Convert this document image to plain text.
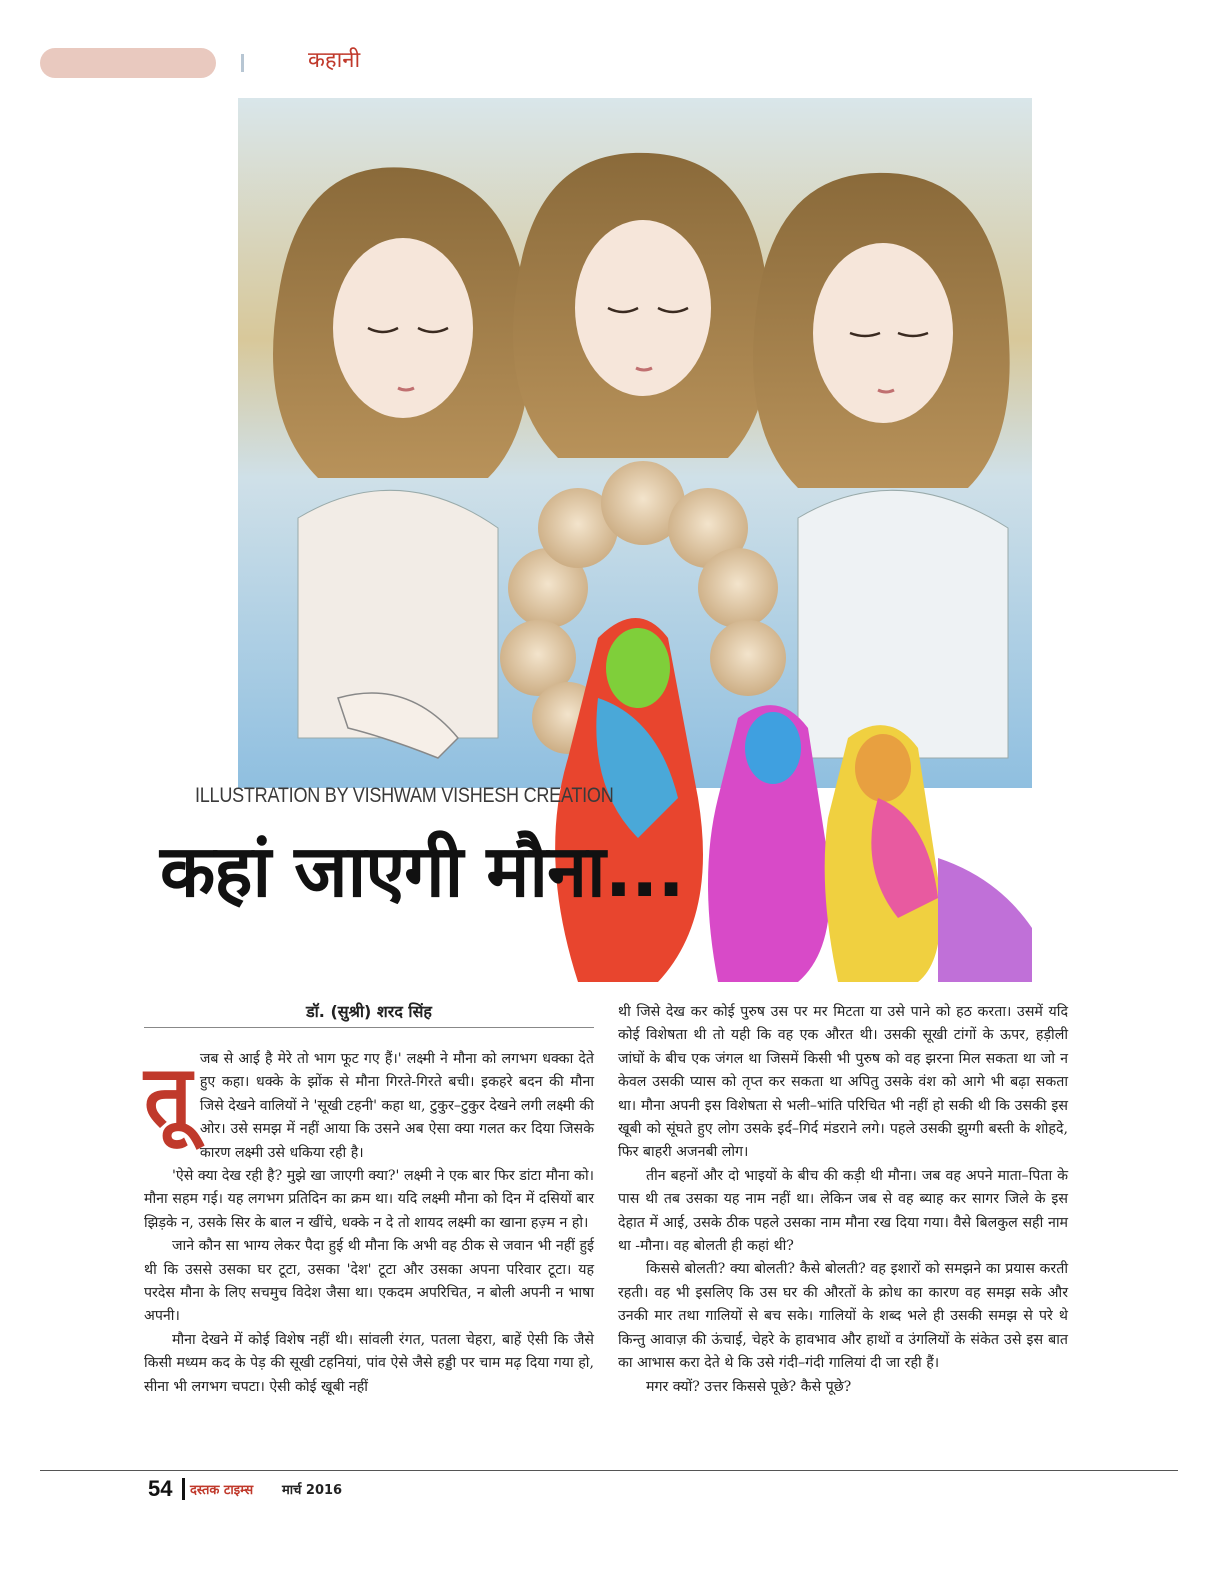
कहानी
ILLUSTRATION BY VISHWAM VISHESH CREATION
कहां जाएगी मौना...
डॉ. (सुश्री) शरद सिंह
तू जब से आई है मेरे तो भाग फूट गए हैं।' लक्ष्मी ने मौना को लगभग धक्का देते हुए कहा। धक्के के झोंक से मौना गिरते-गिरते बची। इकहरे बदन की मौना जिसे देखने वालियों ने 'सूखी टहनी' कहा था, टुकुर–टुकुर देखने लगी लक्ष्मी की ओर। उसे समझ में नहीं आया कि उसने अब ऐसा क्या गलत कर दिया जिसके कारण लक्ष्मी उसे धकिया रही है।

'ऐसे क्या देख रही है? मुझे खा जाएगी क्या?' लक्ष्मी ने एक बार फिर डांटा मौना को। मौना सहम गई। यह लगभग प्रतिदिन का क्रम था। यदि लक्ष्मी मौना को दिन में दसियों बार झिड़के न, उसके सिर के बाल न खींचे, धक्के न दे तो शायद लक्ष्मी का खाना हज़्म न हो।

जाने कौन सा भाग्य लेकर पैदा हुई थी मौना कि अभी वह ठीक से जवान भी नहीं हुई थी कि उससे उसका घर टूटा, उसका 'देश' टूटा और उसका अपना परिवार टूटा। यह परदेस मौना के लिए सचमुच विदेश जैसा था। एकदम अपरिचित, न बोली अपनी न भाषा अपनी।

मौना देखने में कोई विशेष नहीं थी। सांवली रंगत, पतला चेहरा, बाहें ऐसी कि जैसे किसी मध्यम कद के पेड़ की सूखी टहनियां, पांव ऐसे जैसे हड्डी पर चाम मढ़ दिया गया हो, सीना भी लगभग चपटा। ऐसी कोई खूबी नहीं

थी जिसे देख कर कोई पुरुष उस पर मर मिटता या उसे पाने को हठ करता। उसमें यदि कोई विशेषता थी तो यही कि वह एक औरत थी। उसकी सूखी टांगों के ऊपर, हड़ीली जांघों के बीच एक जंगल था जिसमें किसी भी पुरुष को वह झरना मिल सकता था जो न केवल उसकी प्यास को तृप्त कर सकता था अपितु उसके वंश को आगे भी बढ़ा सकता था। मौना अपनी इस विशेषता से भली–भांति परिचित भी नहीं हो सकी थी कि उसकी इस खूबी को सूंघते हुए लोग उसके इर्द–गिर्द मंडराने लगे। पहले उसकी झुग्गी बस्ती के शोहदे, फिर बाहरी अजनबी लोग।

तीन बहनों और दो भाइयों के बीच की कड़ी थी मौना। जब वह अपने माता–पिता के पास थी तब उसका यह नाम नहीं था। लेकिन जब से वह ब्याह कर सागर जिले के इस देहात में आई, उसके ठीक पहले उसका नाम मौना रख दिया गया। वैसे बिलकुल सही नाम था -मौना। वह बोलती ही कहां थी?

किससे बोलती? क्या बोलती? कैसे बोलती? वह इशारों को समझने का प्रयास करती रहती। वह भी इसलिए कि उस घर की औरतों के क्रोध का कारण वह समझ सके और उनकी मार तथा गालियों से बच सके। गालियों के शब्द भले ही उसकी समझ से परे थे किन्तु आवाज़ की ऊंचाई, चेहरे के हावभाव और हाथों व उंगलियों के संकेत उसे इस बात का आभास करा देते थे कि उसे गंदी–गंदी गालियां दी जा रही हैं।

मगर क्यों? उत्तर किससे पूछे? कैसे पूछे?

54 दस्तक टाइम्स मार्च 2016
